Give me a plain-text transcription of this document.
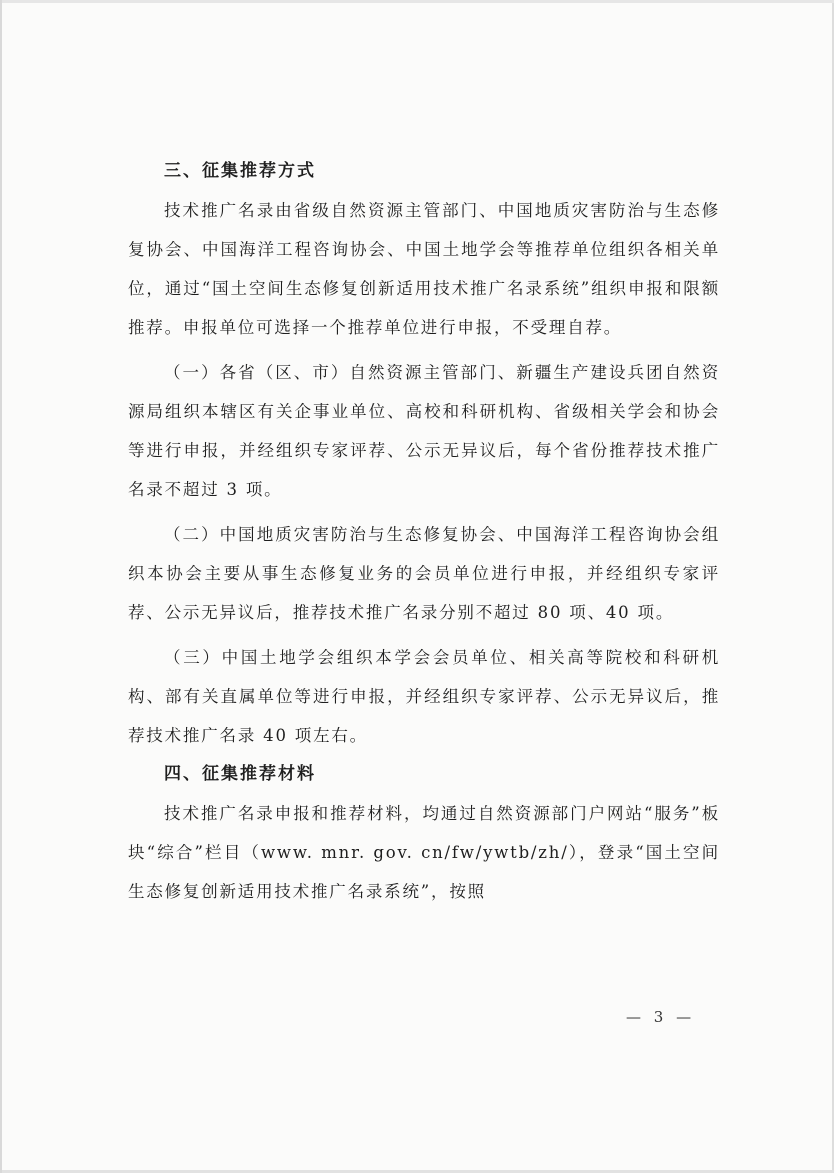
三、征集推荐方式

技术推广名录由省级自然资源主管部门、中国地质灾害防治与生态修复协会、中国海洋工程咨询协会、中国土地学会等推荐单位组织各相关单位，通过“国土空间生态修复创新适用技术推广名录系统”组织申报和限额推荐。申报单位可选择一个推荐单位进行申报，不受理自荐。

（一）各省（区、市）自然资源主管部门、新疆生产建设兵团自然资源局组织本辖区有关企事业单位、高校和科研机构、省级相关学会和协会等进行申报，并经组织专家评荐、公示无异议后，每个省份推荐技术推广名录不超过 3 项。

（二）中国地质灾害防治与生态修复协会、中国海洋工程咨询协会组织本协会主要从事生态修复业务的会员单位进行申报，并经组织专家评荐、公示无异议后，推荐技术推广名录分别不超过 80 项、40 项。

（三）中国土地学会组织本学会会员单位、相关高等院校和科研机构、部有关直属单位等进行申报，并经组织专家评荐、公示无异议后，推荐技术推广名录 40 项左右。

四、征集推荐材料

技术推广名录申报和推荐材料，均通过自然资源部门户网站“服务”板块“综合”栏目（www. mnr. gov. cn/fw/ywtb/zh/），登录“国土空间生态修复创新适用技术推广名录系统”，按照

— 3 —
